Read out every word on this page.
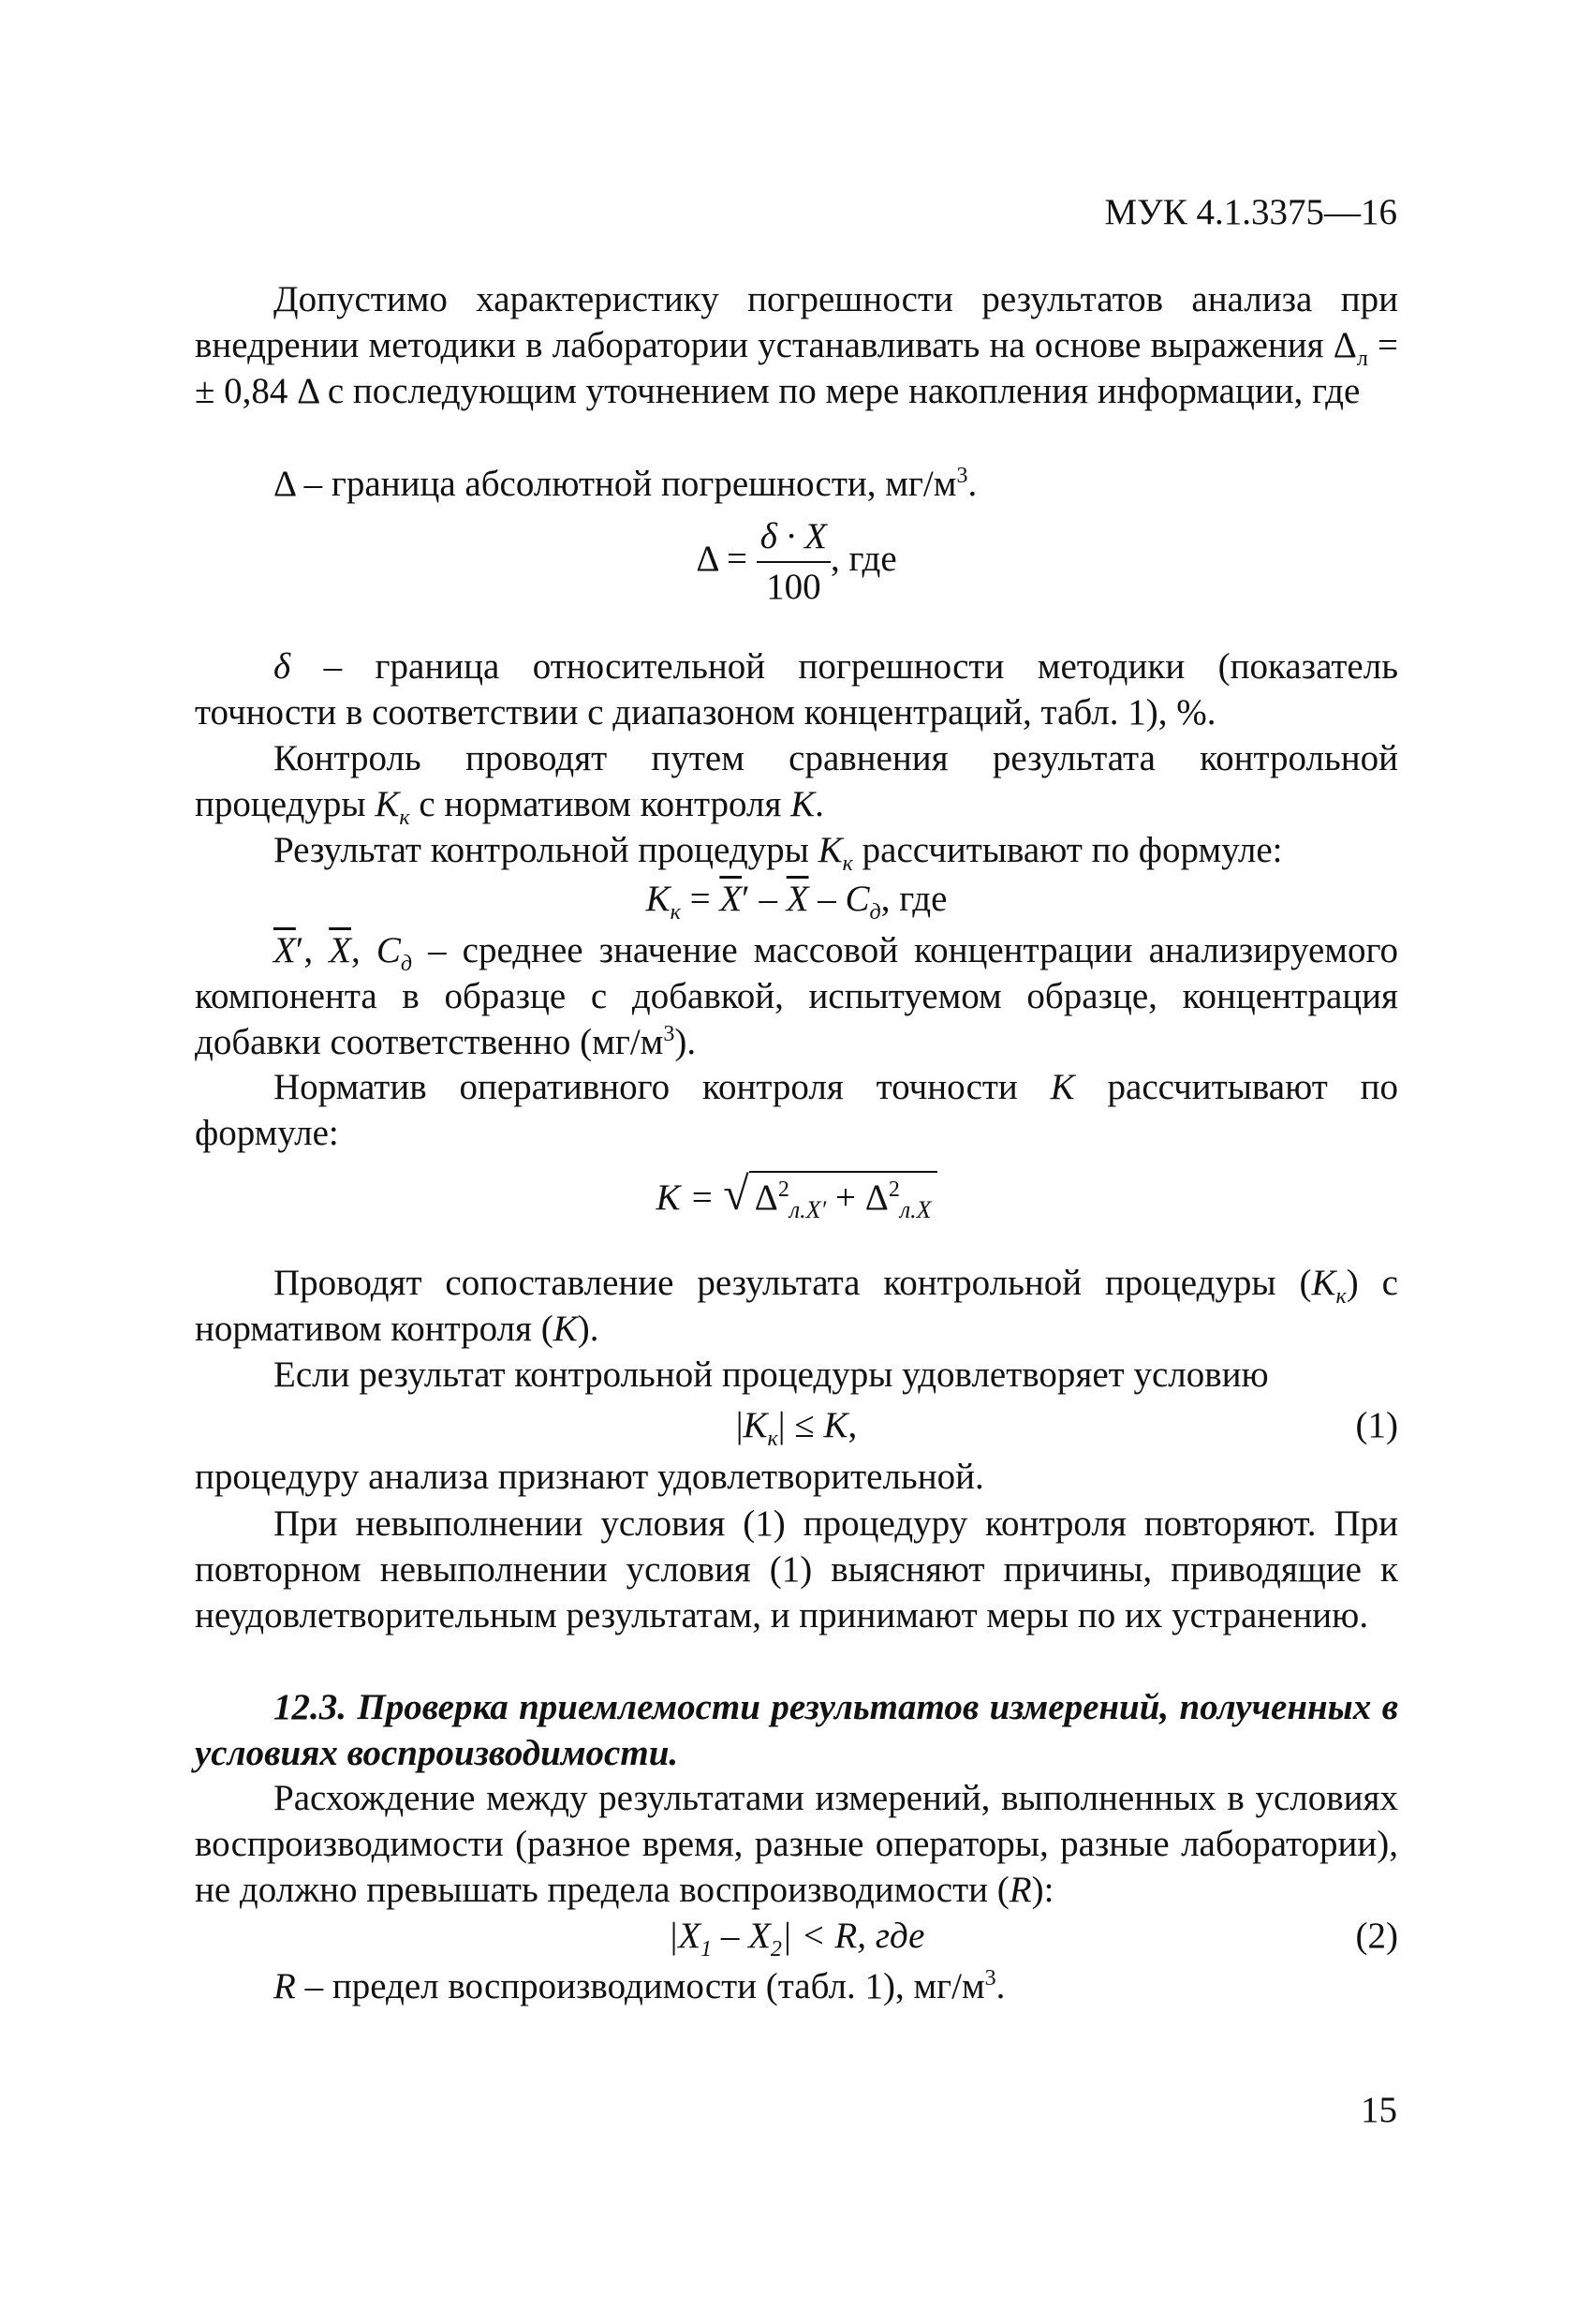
МУК 4.1.3375—16
Допустимо характеристику погрешности результатов анализа при внедрении методики в лаборатории устанавливать на основе выражения $\Delta_л$ = ± 0,84 Δ с последующим уточнением по мере накопления информации, где
Δ – граница абсолютной погрешности, $мг/м^3$.
$\Delta = \frac{\delta \cdot X}{100}$ , где
δ – граница относительной погрешности методики (показатель точности в соответствии с диапазоном концентраций, табл. 1), %.
Контроль проводят путем сравнения результата контрольной процедуры $K_к$ с нормативом контроля K.
Результат контрольной процедуры $K_к$ рассчитывают по формуле:
$K_к = \overline{X}' - \overline{X} - C_д$, где
$\overline{X}'$, $\overline{X}$, $C_д$ – среднее значение массовой концентрации анализируемого компонента в образце с добавкой, испытуемом образце, концентрация добавки соответственно $(мг/м^3)$.
Норматив оперативного контроля точности K рассчитывают по формуле:
K = √ $\Delta^2_{л.X'} + \Delta^2_{л.X}$
Проводят сопоставление результата контрольной процедуры $(K_к)$ с нормативом контроля (K).
Если результат контрольной процедуры удовлетворяет условию
$|K_к| \le K$,	(1)
процедуру анализа признают удовлетворительной.
При невыполнении условия (1) процедуру контроля повторяют. При повторном невыполнении условия (1) выясняют причины, приводящие к неудовлетворительным результатам, и принимают меры по их устранению.
12.3. Проверка приемлемости результатов измерений, полученных в условиях воспроизводимости.
Расхождение между результатами измерений, выполненных в условиях воспроизводимости (разное время, разные операторы, разные лаборатории), не должно превышать предела воспроизводимости (R):
$|X_1 - X_2| < R$, где	(2)
R – предел воспроизводимости (табл. 1), $мг/м^3$.
15
